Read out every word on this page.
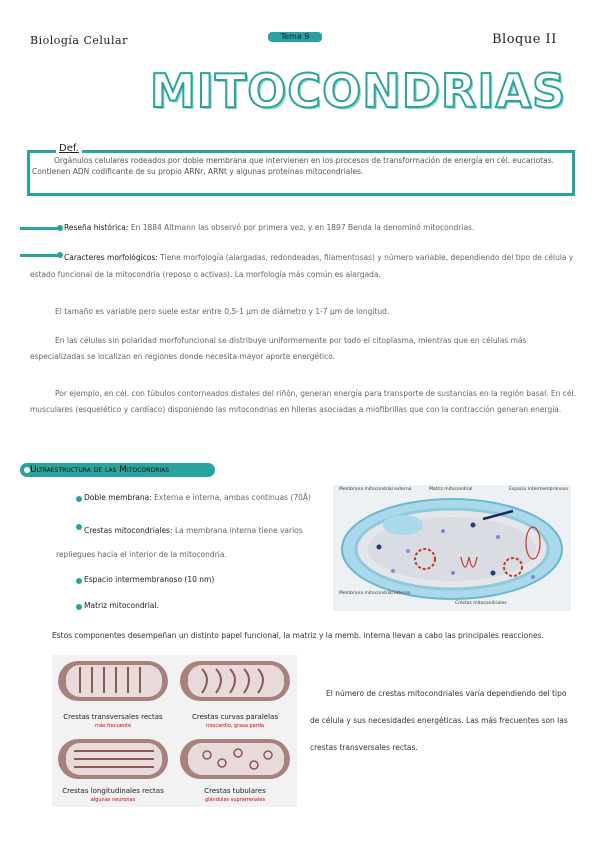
Biología Celular	Tema 9	Bloque II
MITOCONDRIAS
Def.
Orgánulos celulares rodeados por doble membrana que intervienen en los procesos de transformación de energía en cél. eucariotas. Contienen ADN codificante de su propio ARNr, ARNt y algunas proteínas mitocondriales.
Reseña histórica: En 1884 Altmann las observó por primera vez, y en 1897 Benda la denominó mitocondrias.
Caracteres morfológicos: Tiene morfología (alargadas, redondeadas, filamentosas) y número variable, dependiendo del tipo de célula y estado funcional de la mitocondria (reposo o activas). La morfología más común es alargada.
El tamaño es variable pero suele estar entre 0,5-1 µm de diámetro y 1-7 µm de longitud.
En las células sin polaridad morfofuncional se distribuye uniformemente por todo el citoplasma, mientras que en células más especializadas se localizan en regiones donde necesita mayor aporte energético.
Por ejemplo, en cél. con túbulos contorneados distales del riñón, generan energía para transporte de sustancias en la región basal. En cél. musculares (esquelético y cardíaco) disponiendo las mitocondrias en hileras asociadas a miofibrillas que con la contracción generan energía.
Ultraestructura de las Mitocondrias
Doble membrana: Externa e interna, ambas continuas (70Å)
Crestas mitocondriales: La membrana interna tiene varios repliegues hacia el interior de la mitocondria.
Espacio intermembranoso (10 nm)
Matriz mitocondrial.
Estos componentes desempeñan un distinto papel funcional, la matriz y la memb. interna llevan a cabo las principales reacciones.
Membrana mitocondrial externa	Matriz mitocondrial	Espacio intermembranoso
Membrana mitocondrial interna
Crestas mitocondriales
Crestas transversales rectas
más frecuente
Crestas curvas paralelas
miocardio, grasa parda
Crestas longitudinales rectas
algunas neuronas
Crestas tubulares
glándulas suprarrenales
El número de crestas mitocondriales varía dependiendo del tipo de célula y sus necesidades energéticas. Las más frecuentes son las crestas transversales rectas.
